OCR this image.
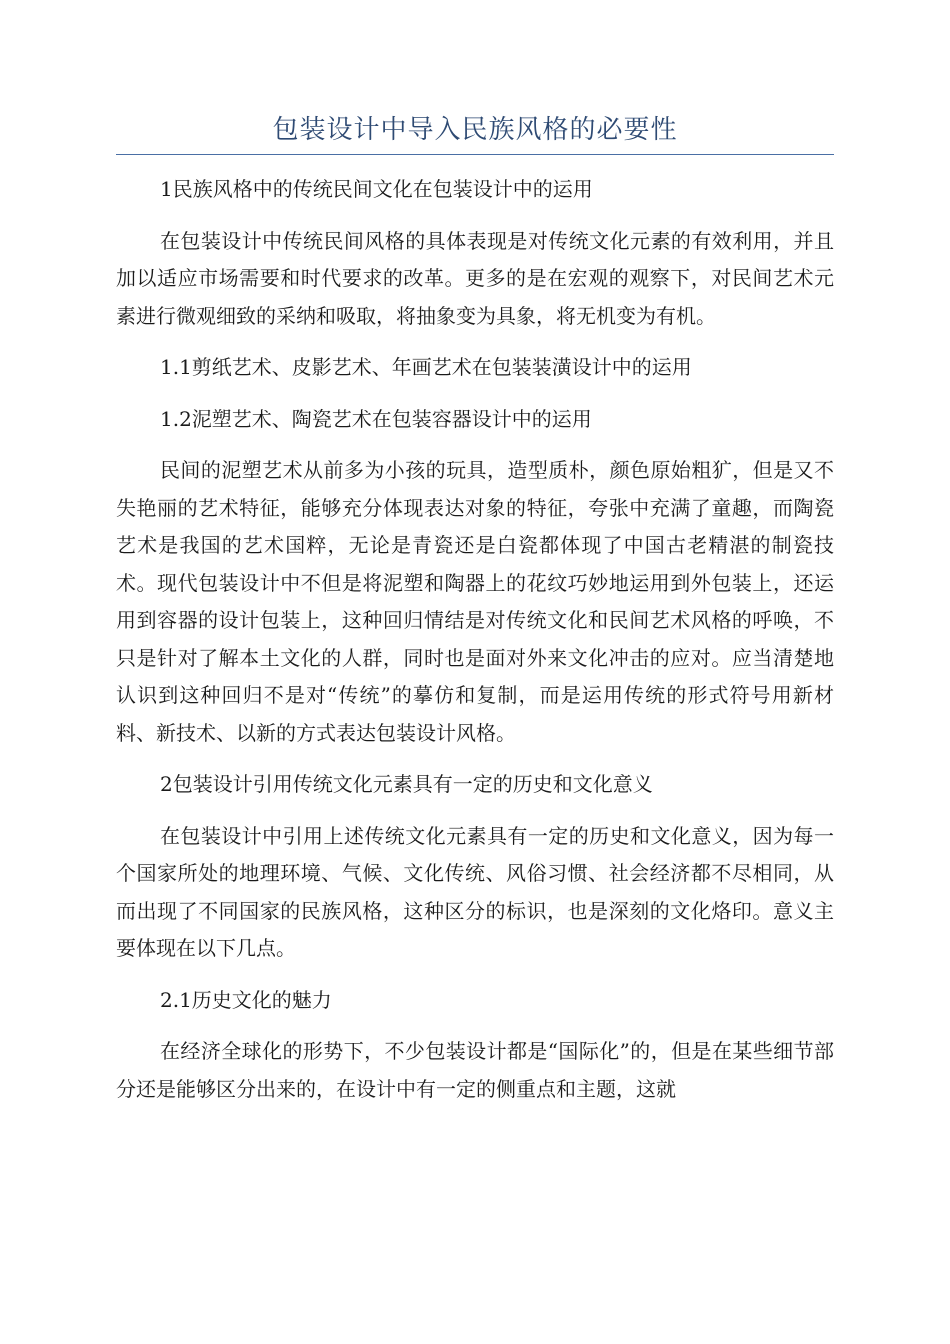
包装设计中导入民族风格的必要性

1民族风格中的传统民间文化在包装设计中的运用

在包装设计中传统民间风格的具体表现是对传统文化元素的有效利用，并且加以适应市场需要和时代要求的改革。更多的是在宏观的观察下，对民间艺术元素进行微观细致的采纳和吸取，将抽象变为具象，将无机变为有机。

1.1剪纸艺术、皮影艺术、年画艺术在包装装潢设计中的运用

1.2泥塑艺术、陶瓷艺术在包装容器设计中的运用

民间的泥塑艺术从前多为小孩的玩具，造型质朴，颜色原始粗犷，但是又不失艳丽的艺术特征，能够充分体现表达对象的特征，夸张中充满了童趣，而陶瓷艺术是我国的艺术国粹，无论是青瓷还是白瓷都体现了中国古老精湛的制瓷技术。现代包装设计中不但是将泥塑和陶器上的花纹巧妙地运用到外包装上，还运用到容器的设计包装上，这种回归情结是对传统文化和民间艺术风格的呼唤，不只是针对了解本土文化的人群，同时也是面对外来文化冲击的应对。应当清楚地认识到这种回归不是对“传统”的摹仿和复制，而是运用传统的形式符号用新材料、新技术、以新的方式表达包装设计风格。

2包装设计引用传统文化元素具有一定的历史和文化意义

在包装设计中引用上述传统文化元素具有一定的历史和文化意义，因为每一个国家所处的地理环境、气候、文化传统、风俗习惯、社会经济都不尽相同，从而出现了不同国家的民族风格，这种区分的标识，也是深刻的文化烙印。意义主要体现在以下几点。

2.1历史文化的魅力

在经济全球化的形势下，不少包装设计都是“国际化”的，但是在某些细节部分还是能够区分出来的，在设计中有一定的侧重点和主题，这就
